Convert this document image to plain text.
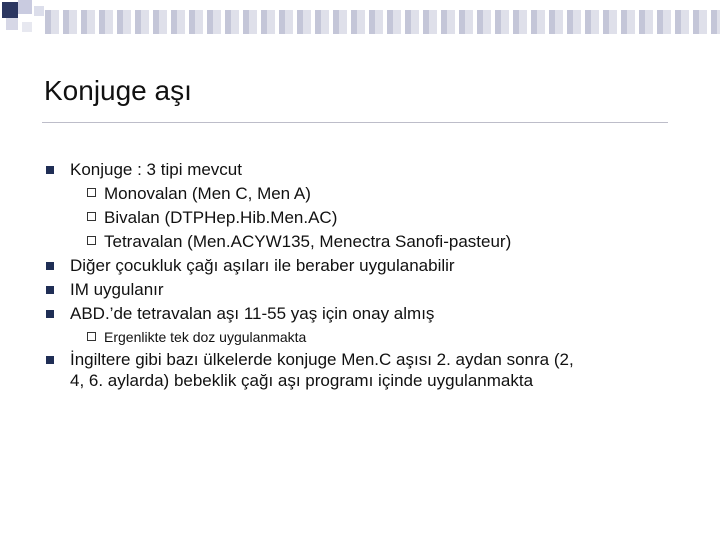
Konjuge aşı
Konjuge : 3 tipi mevcut
Monovalan (Men C, Men A)
Bivalan (DTPHep.Hib.Men.AC)
Tetravalan (Men.ACYW135, Menectra Sanofi-pasteur)
Diğer çocukluk çağı aşıları ile beraber uygulanabilir
IM uygulanır
ABD.’de tetravalan aşı 11-55 yaş için onay almış
Ergenlikte tek doz uygulanmakta
İngiltere gibi bazı ülkelerde konjuge Men.C aşısı 2. aydan sonra (2,
4, 6. aylarda) bebeklik çağı aşı programı içinde uygulanmakta
